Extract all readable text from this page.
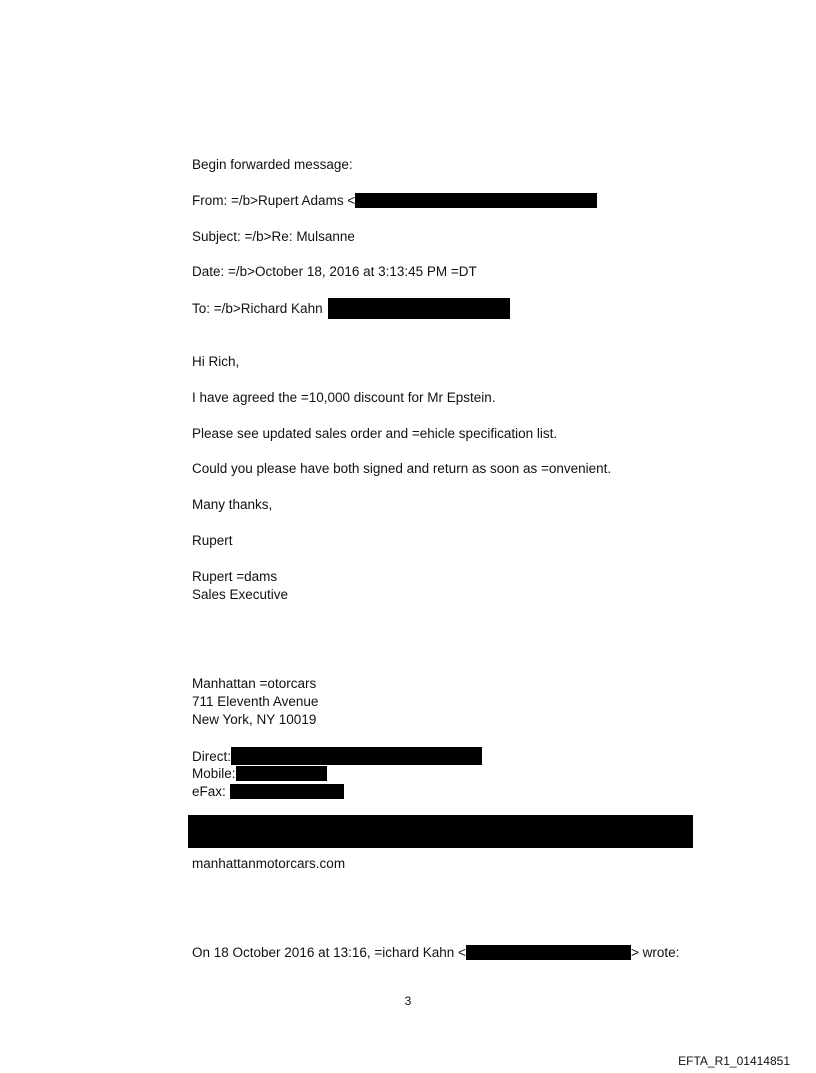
Begin forwarded message:
From: =/b>Rupert Adams <
Subject: =/b>Re: Mulsanne
Date: =/b>October 18, 2016 at 3:13:45 PM =DT
To: =/b>Richard Kahn
Hi Rich,
I have agreed the =10,000 discount for Mr Epstein.
Please see updated sales order and =ehicle specification list.
Could you please have both signed and return as soon as =onvenient.
Many thanks,
Rupert
Rupert =dams
Sales Executive
Manhattan =otorcars
711 Eleventh Avenue
New York, NY 10019
Direct:
Mobile:
eFax:
manhattanmotorcars.com
On 18 October 2016 at 13:16, =ichard Kahn <	> wrote:
3
EFTA_R1_01414851
